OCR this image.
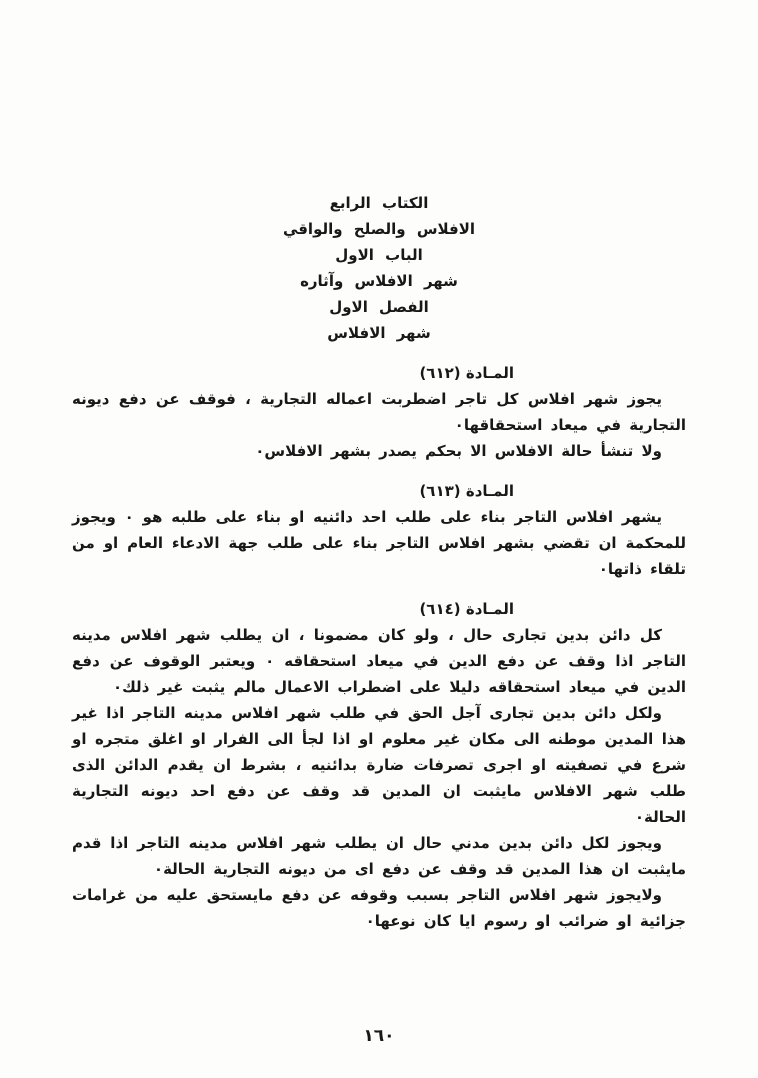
الكتاب الرابع
الافلاس والصلح والواقي
الباب الاول
شهر الافلاس وآثاره
الفصل الاول
شهر الافلاس
المـادة (٦١٢)

يجوز شهر افلاس كل تاجر اضطربت اعماله التجارية ، فوقف عن دفع ديونه التجارية في ميعاد استحقاقها٠

ولا تنشأ حالة الافلاس الا بحكم يصدر بشهر الافلاس٠

المـادة (٦١٣)

يشهر افلاس التاجر بناء على طلب احد دائنيه او بناء على طلبه هو ٠ ويجوز للمحكمة ان تقضي بشهر افلاس التاجر بناء على طلب جهة الادعاء العام او من تلقاء ذاتها٠

المـادة (٦١٤)

كل دائن بدين تجارى حال ، ولو كان مضمونا ، ان يطلب شهر افلاس مدينه التاجر اذا وقف عن دفع الدين في ميعاد استحقاقه ٠ ويعتبر الوقوف عن دفع الدين في ميعاد استحقاقه دليلا على اضطراب الاعمال مالم يثبت غير ذلك٠

ولكل دائن بدين تجارى آجل الحق في طلب شهر افلاس مدينه التاجر اذا غير هذا المدين موطنه الى مكان غير معلوم او اذا لجأ الى الفرار او اغلق متجره او شرع في تصفيته او اجرى تصرفات ضارة بدائنيه ، بشرط ان يقدم الدائن الذى طلب شهر الافلاس مايثبت ان المدين قد وقف عن دفع احد ديونه التجارية الحالة٠

ويجوز لكل دائن بدين مدني حال ان يطلب شهر افلاس مدينه التاجر اذا قدم مايثبت ان هذا المدين قد وقف عن دفع اى من ديونه التجارية الحالة٠

ولايجوز شهر افلاس التاجر بسبب وقوفه عن دفع مايستحق عليه من غرامات جزائية او ضرائب او رسوم ايا كان نوعها٠

١٦٠
